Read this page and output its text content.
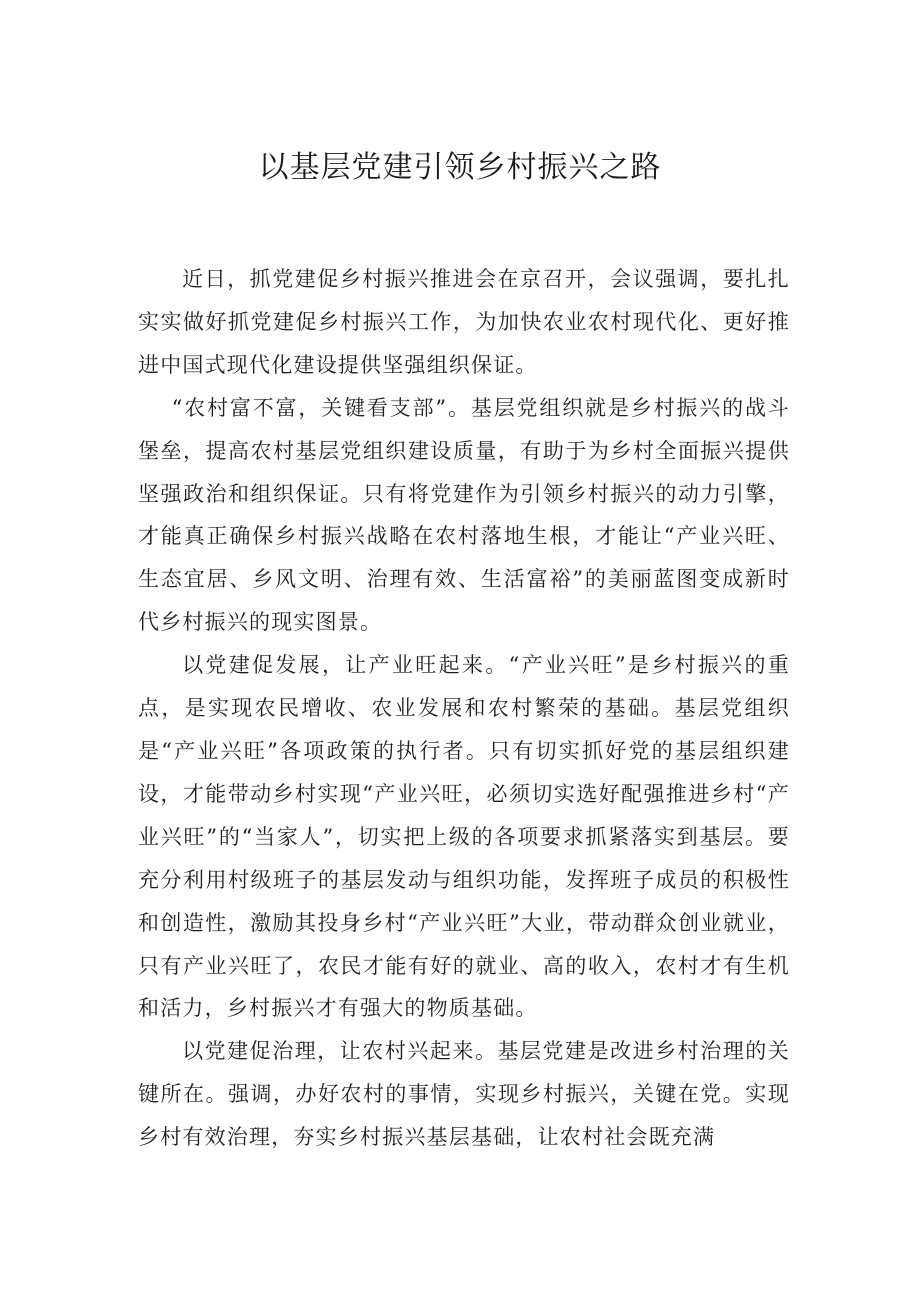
以基层党建引领乡村振兴之路

近日，抓党建促乡村振兴推进会在京召开，会议强调，要扎扎实实做好抓党建促乡村振兴工作，为加快农业农村现代化、更好推进中国式现代化建设提供坚强组织保证。

“农村富不富，关键看支部”。基层党组织就是乡村振兴的战斗堡垒，提高农村基层党组织建设质量，有助于为乡村全面振兴提供坚强政治和组织保证。只有将党建作为引领乡村振兴的动力引擎，才能真正确保乡村振兴战略在农村落地生根，才能让“产业兴旺、生态宜居、乡风文明、治理有效、生活富裕”的美丽蓝图变成新时代乡村振兴的现实图景。

以党建促发展，让产业旺起来。“产业兴旺”是乡村振兴的重点，是实现农民增收、农业发展和农村繁荣的基础。基层党组织是“产业兴旺”各项政策的执行者。只有切实抓好党的基层组织建设，才能带动乡村实现“产业兴旺，必须切实选好配强推进乡村“产业兴旺”的“当家人”，切实把上级的各项要求抓紧落实到基层。要充分利用村级班子的基层发动与组织功能，发挥班子成员的积极性和创造性，激励其投身乡村“产业兴旺”大业，带动群众创业就业，只有产业兴旺了，农民才能有好的就业、高的收入，农村才有生机和活力，乡村振兴才有强大的物质基础。

以党建促治理，让农村兴起来。基层党建是改进乡村治理的关键所在。强调，办好农村的事情，实现乡村振兴，关键在党。实现乡村有效治理，夯实乡村振兴基层基础，让农村社会既充满
